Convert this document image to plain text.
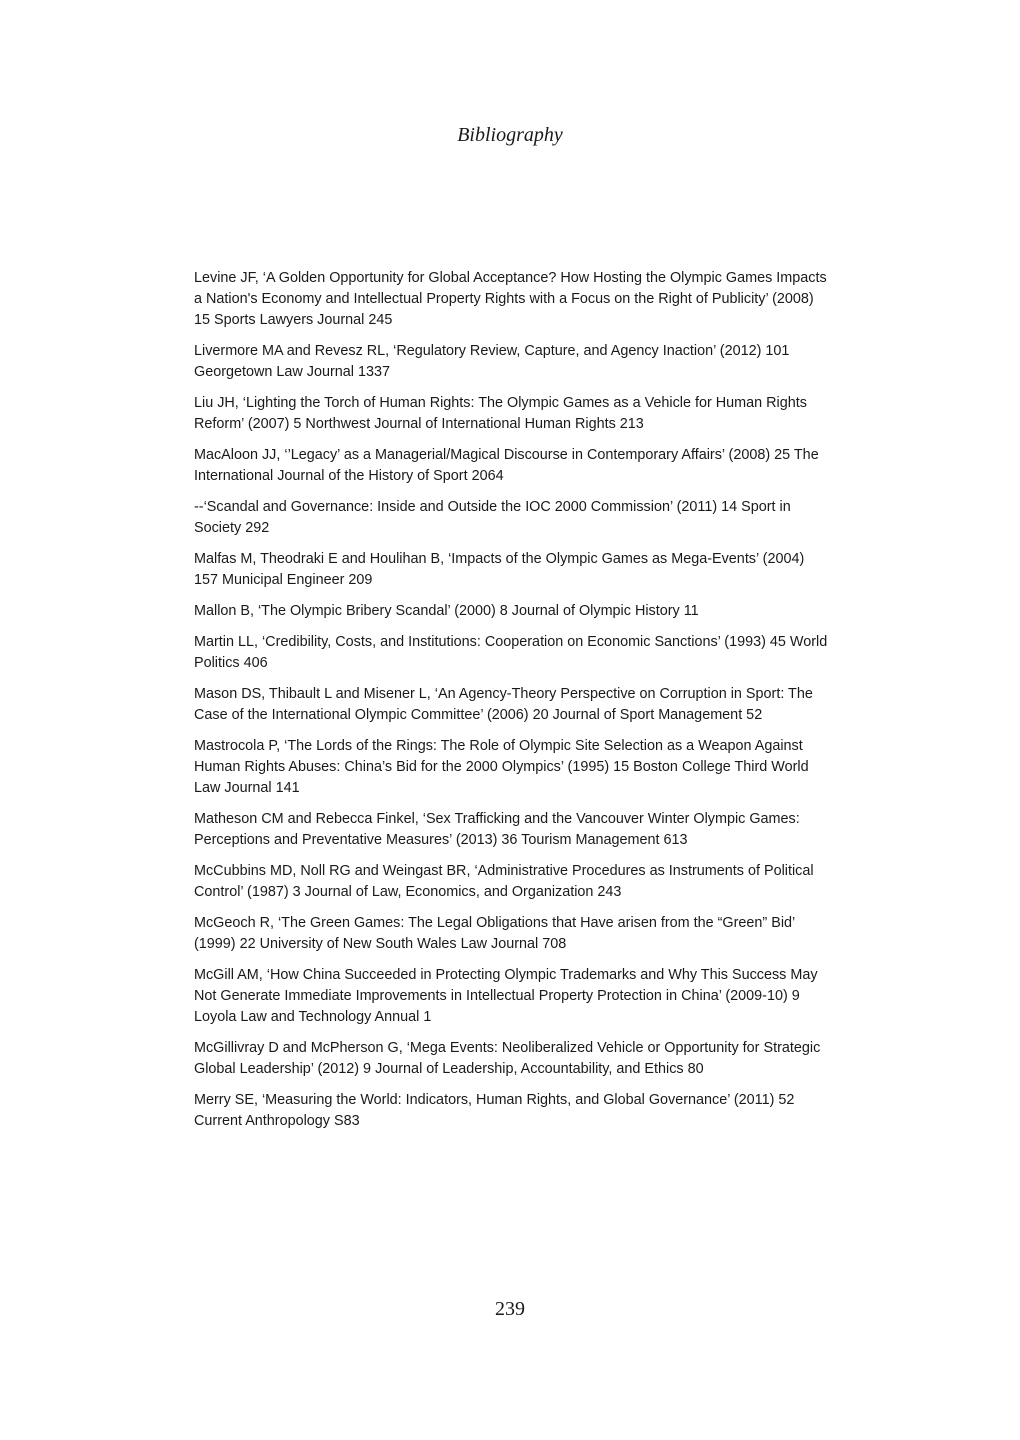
Bibliography
Levine JF, ‘A Golden Opportunity for Global Acceptance? How Hosting the Olympic Games Impacts a Nation's Economy and Intellectual Property Rights with a Focus on the Right of Publicity’ (2008) 15 Sports Lawyers Journal 245
Livermore MA and Revesz RL, ‘Regulatory Review, Capture, and Agency Inaction’ (2012) 101 Georgetown Law Journal 1337
Liu JH, ‘Lighting the Torch of Human Rights: The Olympic Games as a Vehicle for Human Rights Reform’ (2007) 5 Northwest Journal of International Human Rights 213
MacAloon JJ, ‘’Legacy’ as a Managerial/Magical Discourse in Contemporary Affairs’ (2008) 25 The International Journal of the History of Sport 2064
--‘Scandal and Governance: Inside and Outside the IOC 2000 Commission’ (2011) 14 Sport in Society 292
Malfas M, Theodraki E and Houlihan B, ‘Impacts of the Olympic Games as Mega-Events’ (2004) 157 Municipal Engineer 209
Mallon B, ‘The Olympic Bribery Scandal’ (2000) 8 Journal of Olympic History 11
Martin LL, ‘Credibility, Costs, and Institutions: Cooperation on Economic Sanctions’ (1993) 45 World Politics 406
Mason DS, Thibault L and Misener L, ‘An Agency-Theory Perspective on Corruption in Sport: The Case of the International Olympic Committee’ (2006) 20 Journal of Sport Management 52
Mastrocola P, ‘The Lords of the Rings: The Role of Olympic Site Selection as a Weapon Against Human Rights Abuses: China’s Bid for the 2000 Olympics’ (1995) 15 Boston College Third World Law Journal 141
Matheson CM and Rebecca Finkel, ‘Sex Trafficking and the Vancouver Winter Olympic Games: Perceptions and Preventative Measures’ (2013) 36 Tourism Management 613
McCubbins MD, Noll RG and Weingast BR, ‘Administrative Procedures as Instruments of Political Control’ (1987) 3 Journal of Law, Economics, and Organization 243
McGeoch R, ‘The Green Games: The Legal Obligations that Have arisen from the “Green” Bid’ (1999) 22 University of New South Wales Law Journal 708
McGill AM, ‘How China Succeeded in Protecting Olympic Trademarks and Why This Success May Not Generate Immediate Improvements in Intellectual Property Protection in China’ (2009-10) 9 Loyola Law and Technology Annual 1
McGillivray D and McPherson G, ‘Mega Events: Neoliberalized Vehicle or Opportunity for Strategic Global Leadership’ (2012) 9 Journal of Leadership, Accountability, and Ethics 80
Merry SE, ‘Measuring the World: Indicators, Human Rights, and Global Governance’ (2011) 52 Current Anthropology S83
239
